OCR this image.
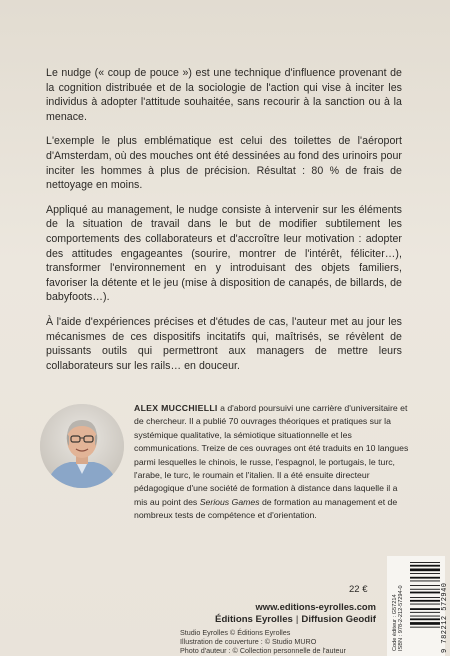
Le nudge (« coup de pouce ») est une technique d'influence provenant de la cognition distribuée et de la sociologie de l'action qui vise à inciter les individus à adopter l'attitude souhaitée, sans recourir à la sanction ou à la menace.

L'exemple le plus emblématique est celui des toilettes de l'aéroport d'Amsterdam, où des mouches ont été dessinées au fond des urinoirs pour inciter les hommes à plus de précision. Résultat : 80 % de frais de nettoyage en moins.

Appliqué au management, le nudge consiste à intervenir sur les éléments de la situation de travail dans le but de modifier subtilement les comportements des collaborateurs et d'accroître leur motivation : adopter des attitudes engageantes (sourire, montrer de l'intérêt, féliciter…), transformer l'environnement en y introduisant des objets familiers, favoriser la détente et le jeu (mise à disposition de canapés, de billards, de babyfoots…).

À l'aide d'expériences précises et d'études de cas, l'auteur met au jour les mécanismes de ces dispositifs incitatifs qui, maîtrisés, se révèlent de puissants outils qui permettront aux managers de mettre leurs collaborateurs sur les rails… en douceur.

ALEX MUCCHIELLI a d'abord poursuivi une carrière d'universitaire et de chercheur. Il a publié 70 ouvrages théoriques et pratiques sur la systémique qualitative, la sémiotique situationnelle et les communications. Treize de ces ouvrages ont été traduits en 10 langues parmi lesquelles le chinois, le russe, l'espagnol, le portugais, le turc, l'arabe, le turc, le roumain et l'italien. Il a été ensuite directeur pédagogique d'une société de formation à distance dans laquelle il a mis au point des Serious Games de formation au management et de nombreux tests de compétence et d'orientation.
22 €
www.editions-eyrolles.com
Éditions Eyrolles | Diffusion Geodif
Studio Eyrolles © Éditions Eyrolles
Illustration de couverture : © Studio MURO
Photo d'auteur : © Collection personnelle de l'auteur	Code éditeur : G57214 ISBN : 978-2-212-57294-0	9 782212 572940
